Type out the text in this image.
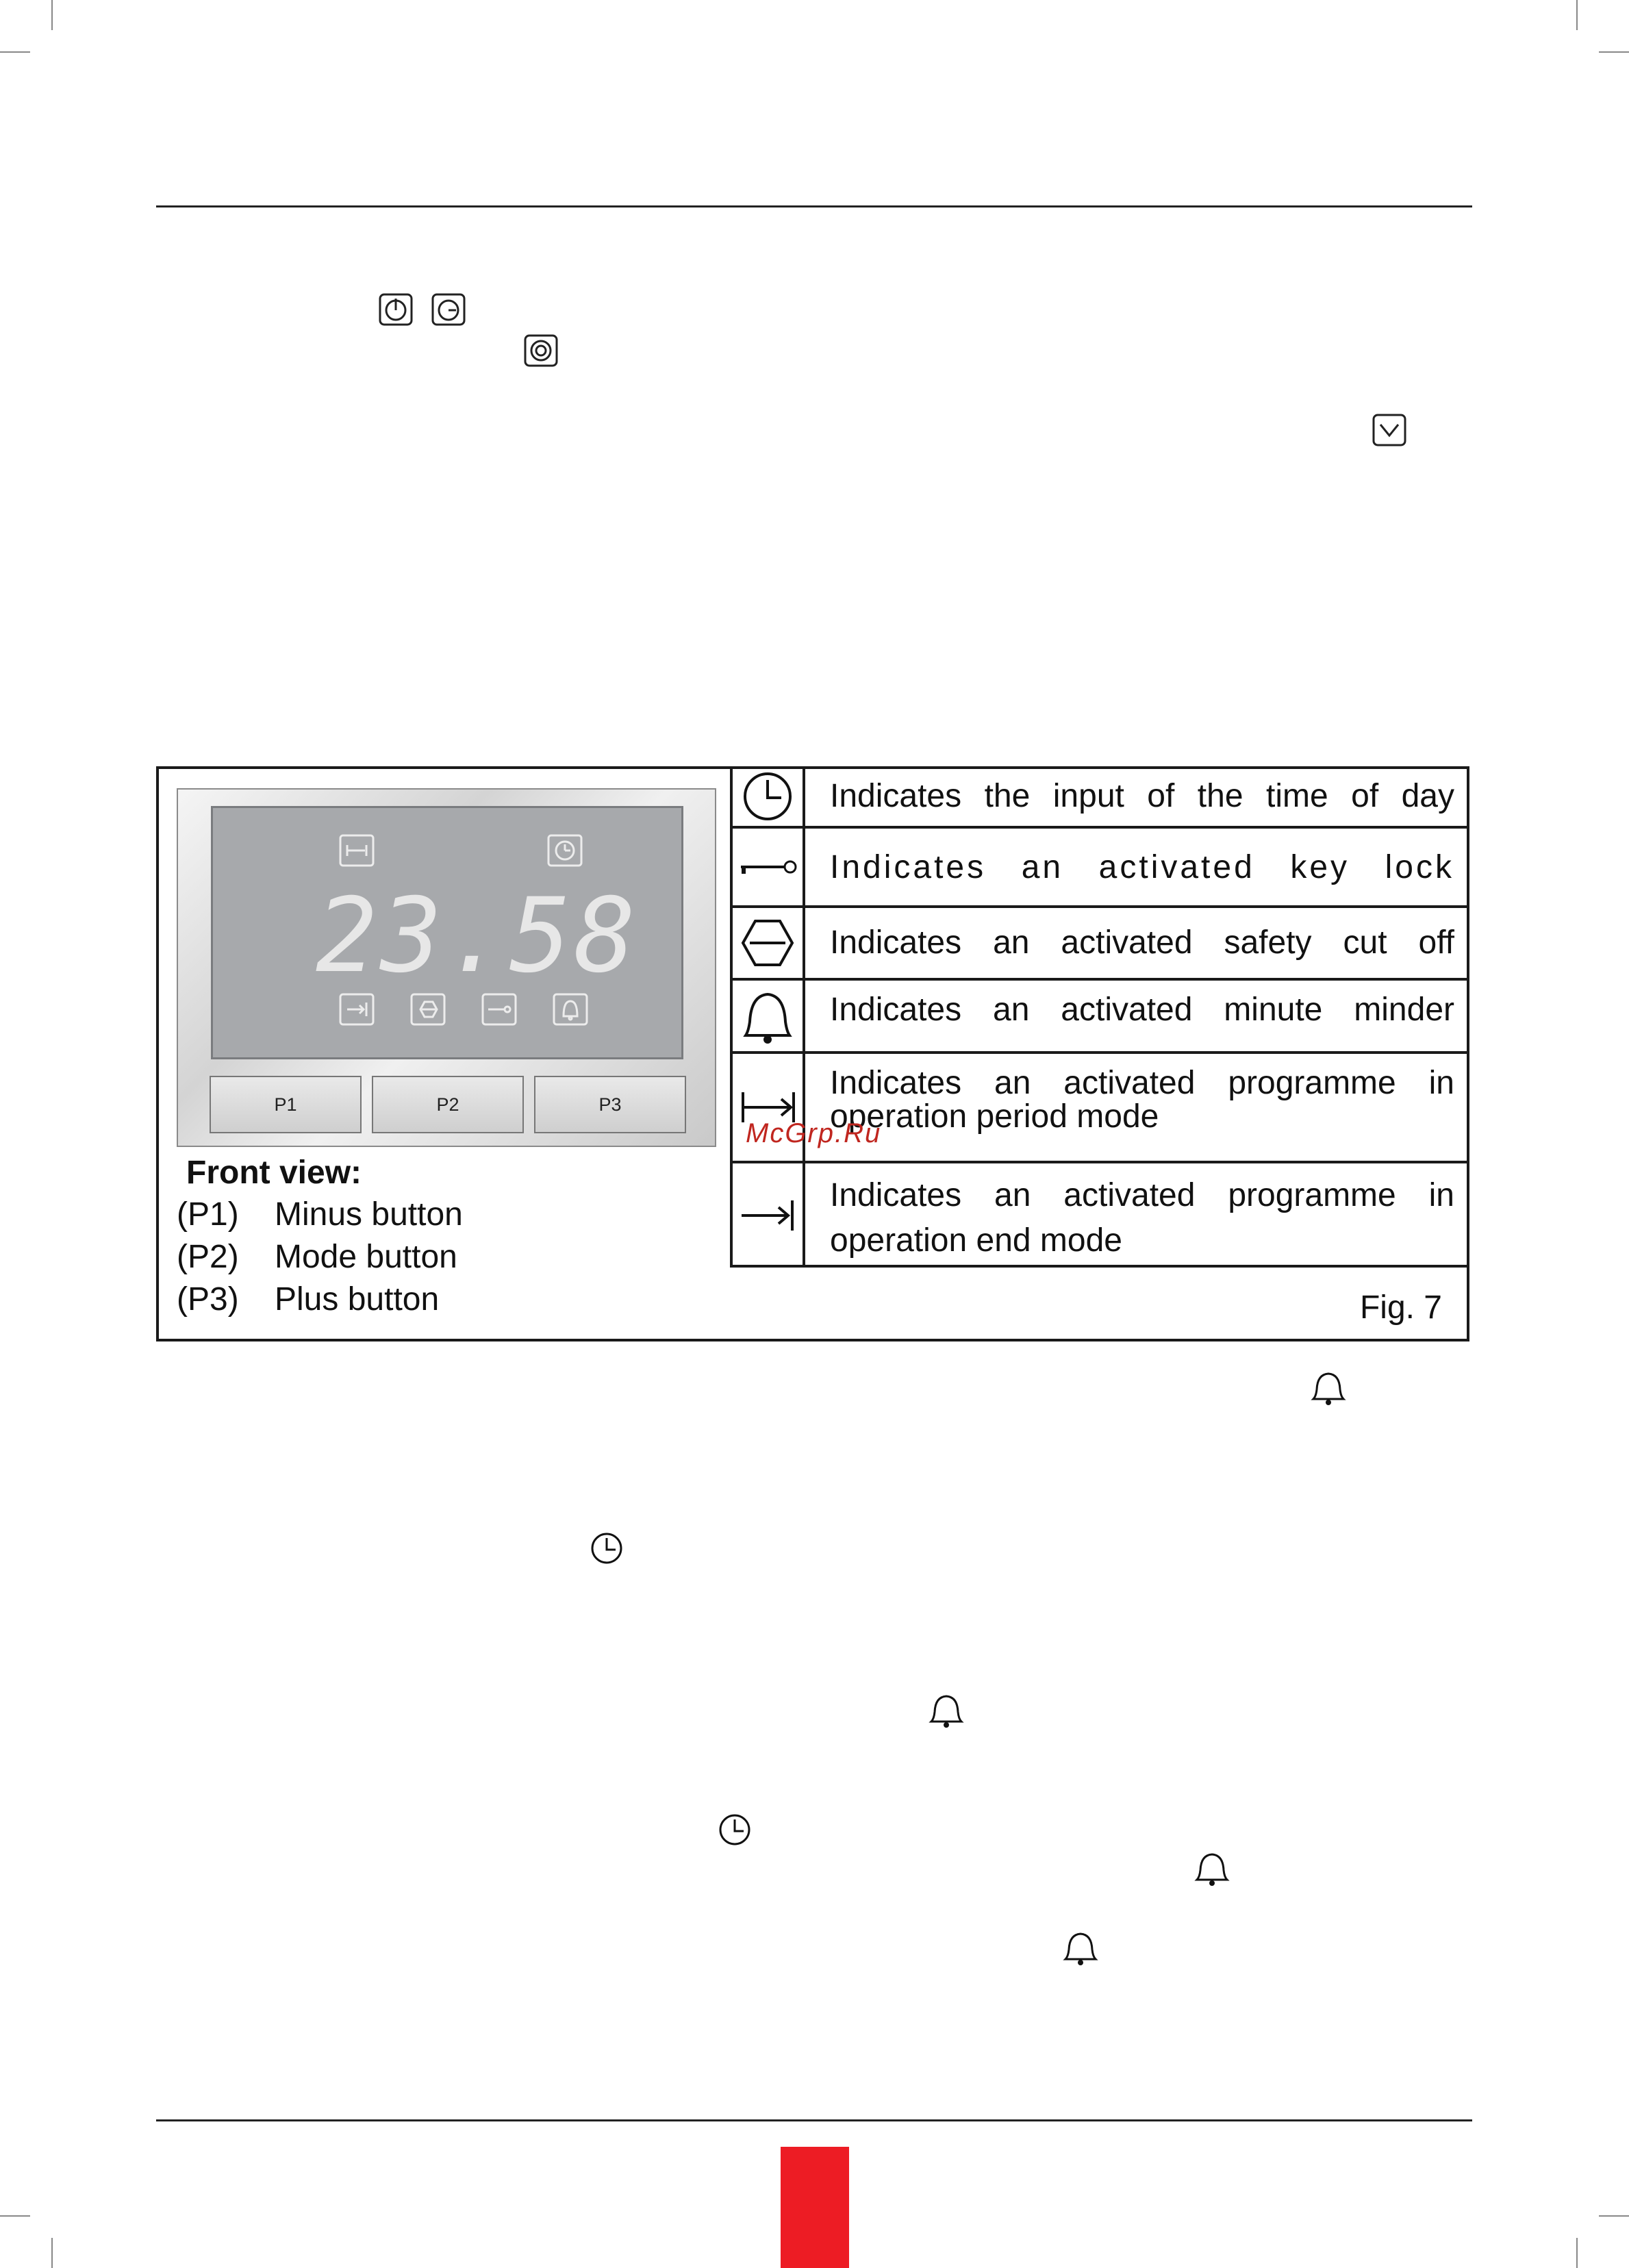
23.58
P1	P2	P3
Front view:
(P1) Minus button
(P2) Mode button
(P3) Plus button
Indicates the input of the time of day
Indicates an activated key lock
Indicates an activated safety cut off
Indicates an activated minute minder
Indicates an activated programme in
operation period mode
Indicates an activated programme in
operation end mode
Fig. 7
McGrp.Ru
